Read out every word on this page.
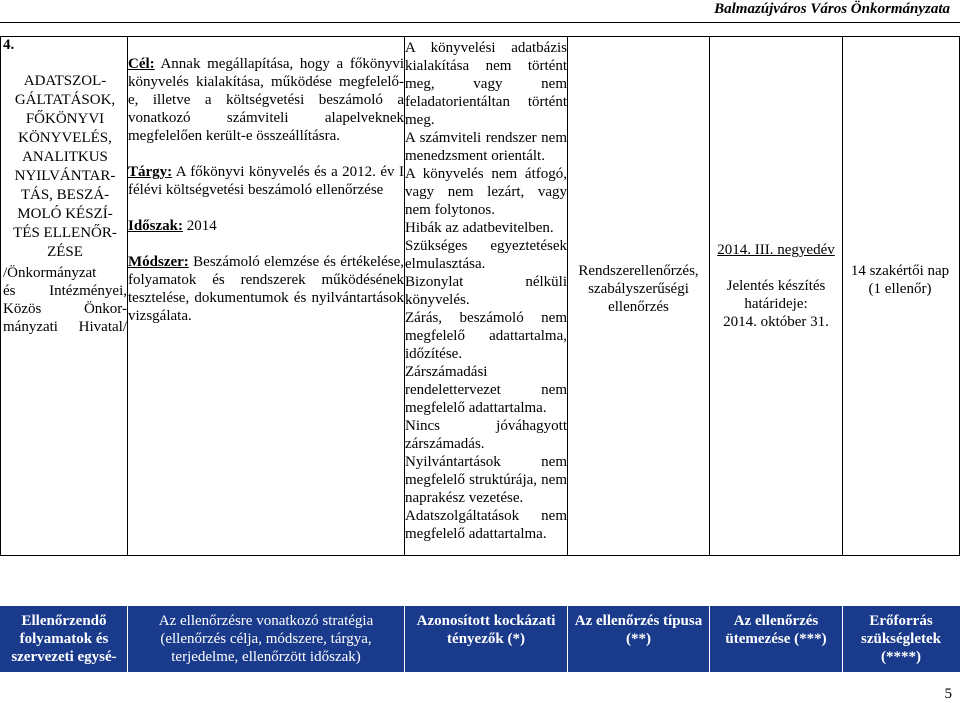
Balmazújváros Város Önkormányzata
4.
ADATSZOL-
GÁLTATÁSOK,
FŐKÖNYVI
KÖNYVELÉS,
ANALITKUS
NYILVÁNTAR-
TÁS, BESZÁ-
MOLÓ KÉSZÍ-
TÉS ELLENŐR-
ZÉSE
/Önkormányzat
és Intézményei,
Közös Önkor-
mányzati Hivatal/

Cél: Annak megállapítása, hogy a főkönyvi könyvelés kialakítása, működése megfelelő-e, illetve a költségvetési beszámoló a vonatkozó számviteli alapelveknek megfelelően került-e összeállításra.

Tárgy: A főkönyvi könyvelés és a 2012. év I félévi költségvetési beszámoló ellenőrzése

Időszak: 2014

Módszer: Beszámoló elemzése és értékelése, folyamatok és rendszerek működésének tesztelése, dokumentumok és nyilvántartások vizsgálata.

A könyvelési adatbázis kialakítása nem történt meg, vagy nem feladatorientáltan történt meg.

A számviteli rendszer nem menedzsment orientált.

A könyvelés nem átfogó, vagy nem lezárt, vagy nem folytonos.

Hibák az adatbevitelben.

Szükséges egyeztetések elmulasztása.

Bizonylat nélküli könyvelés.

Zárás, beszámoló nem megfelelő adattartalma, időzítése.

Zárszámadási rendelettervezet nem megfelelő adattartalma.

Nincs jóváhagyott zárszámadás.

Nyilvántartások nem megfelelő struktúrája, nem naprakész vezetése.

Adatszolgáltatások nem megfelelő adattartalma.

Rendszerellenőrzés, szabályszerűségi ellenőrzés
2014. III. negyedév
Jelentés készítés határideje:
2014. október 31.
14 szakértői nap (1 ellenőr)
Ellenőrzendő folyamatok és szervezeti egysé-
Az ellenőrzésre vonatkozó stratégia (ellenőrzés célja, módszere, tárgya, terjedelme, ellenőrzött időszak)
Azonosított kockázati tényezők (*)
Az ellenőrzés típusa (**)
Az ellenőrzés ütemezése (***)
Erőforrás szükségletek (****)
5
